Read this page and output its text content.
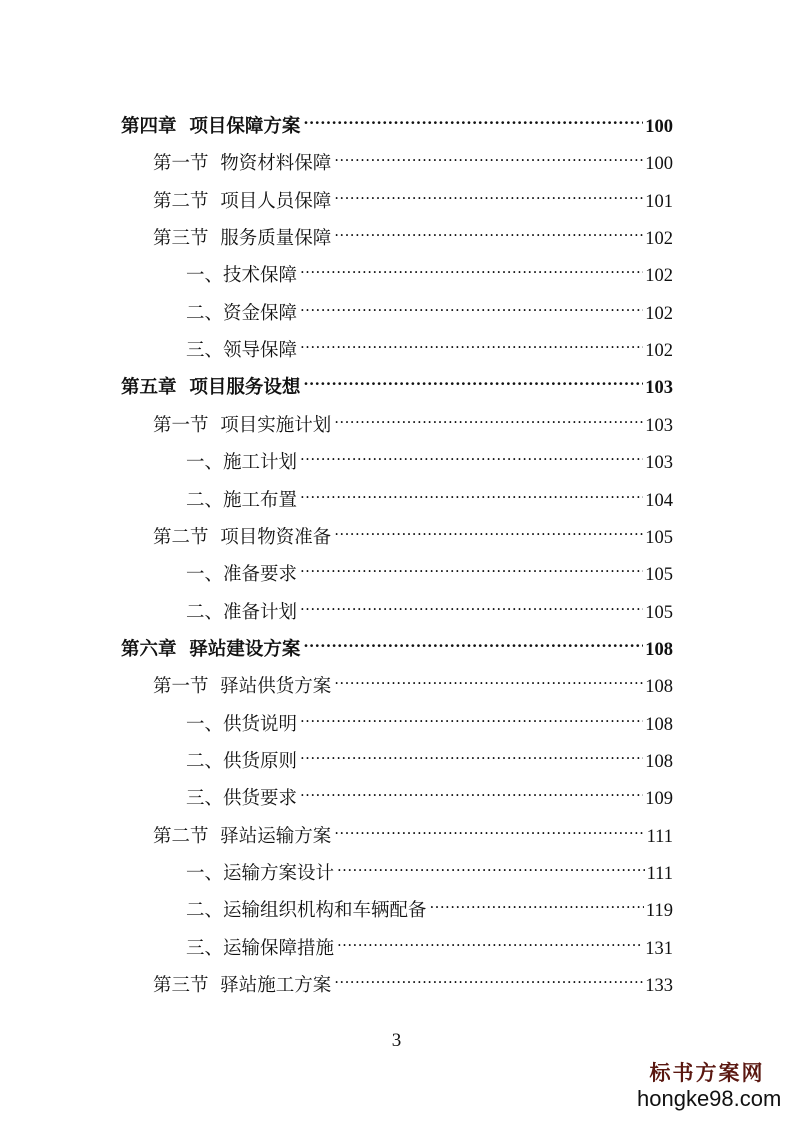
第四章  项目保障方案 .....	100
第一节  物资材料保障 .....	100
第二节  项目人员保障 .....	101
第三节  服务质量保障 .....	102
一、技术保障 .....	102
二、资金保障 .....	102
三、领导保障 .....	102
第五章  项目服务设想 .....	103
第一节  项目实施计划 .....	103
一、施工计划 .....	103
二、施工布置 .....	104
第二节  项目物资准备 .....	105
一、准备要求 .....	105
二、准备计划 .....	105
第六章  驿站建设方案 .....	108
第一节  驿站供货方案 .....	108
一、供货说明 .....	108
二、供货原则 .....	108
三、供货要求 .....	109
第二节  驿站运输方案 .....	111
一、运输方案设计 .....	111
二、运输组织机构和车辆配备 .....	119
三、运输保障措施 .....	131
第三节  驿站施工方案 .....	133
3
标书方案网
hongke98.com
